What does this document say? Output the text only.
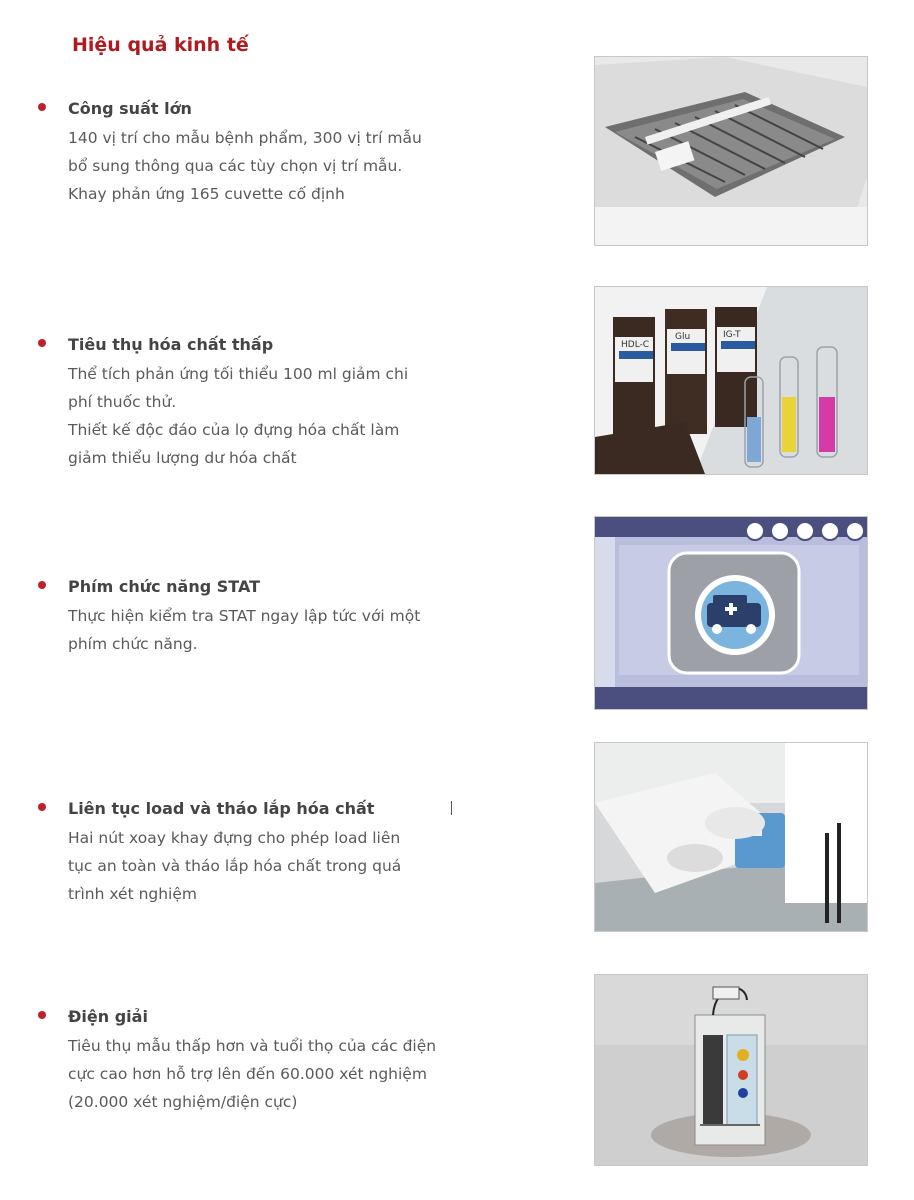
Hiệu quả kinh tế

Công suất lớn

140 vị trí cho mẫu bệnh phẩm, 300 vị trí mẫu
bổ sung thông qua các tùy chọn vị trí mẫu.
Khay phản ứng 165 cuvette cố định

Tiêu thụ hóa chất thấp

Thể tích phản ứng tối thiểu 100 ml giảm chi
phí thuốc thử.
Thiết kế độc đáo của lọ đựng hóa chất làm
giảm thiểu lượng dư hóa chất

HDL-C
Glu	IG-T

Phím chức năng STAT

Thực hiện kiểm tra STAT ngay lập tức với một
phím chức năng.

Liên tục load và tháo lắp hóa chất

Hai nút xoay khay đựng cho phép load liên
tục an toàn và tháo lắp hóa chất trong quá
trình xét nghiệm

Điện giải

Tiêu thụ mẫu thấp hơn và tuổi thọ của các điện
cực cao hơn hỗ trợ lên đến 60.000 xét nghiệm
(20.000 xét nghiệm/điện cực)
